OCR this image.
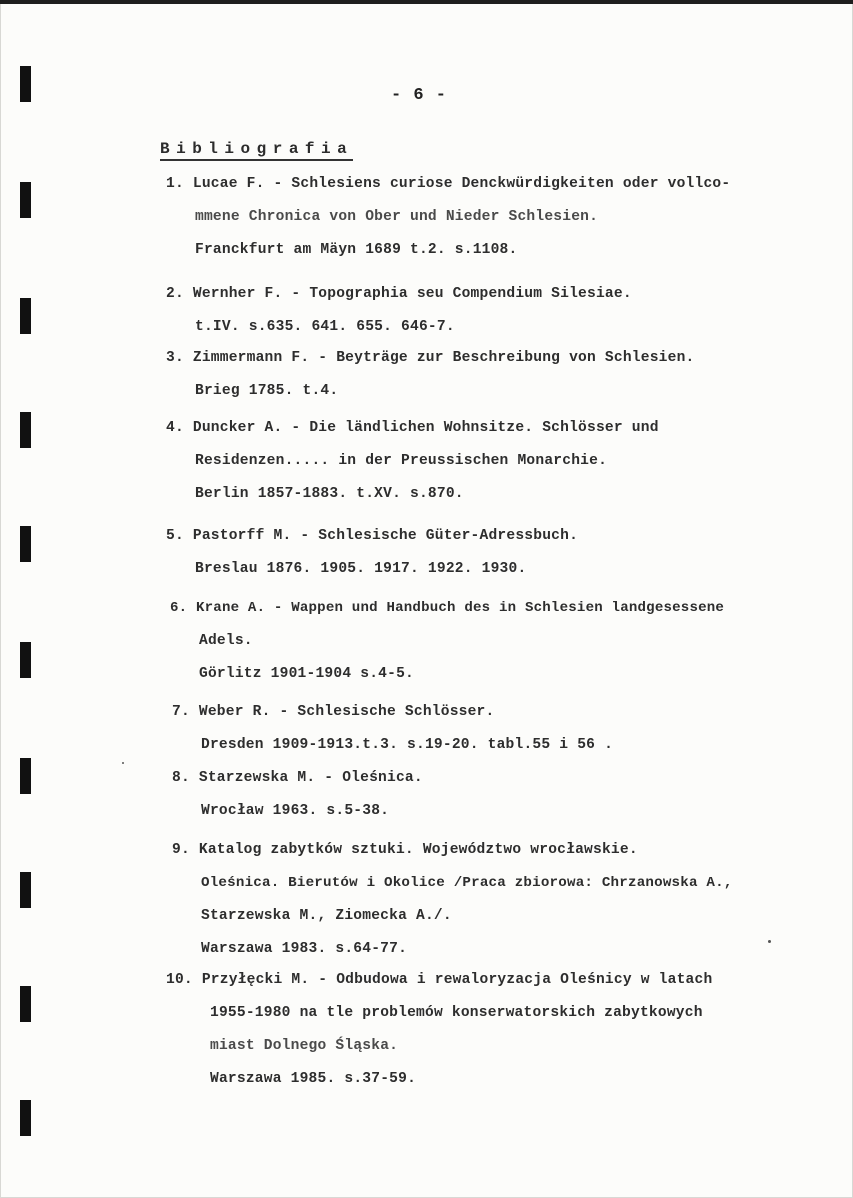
- 6 -
Bibliografia
1. Lucae F. - Schlesiens curiose Denckwürdigkeiten oder vollco-
mmene Chronica von Ober und Nieder Schlesien.
Franckfurt am Mäyn 1689 t.2. s.1108.
2. Wernher F. - Topographia seu Compendium Silesiae.
t.IV. s.635. 641. 655. 646-7.
3. Zimmermann F. - Beyträge zur Beschreibung von Schlesien.
Brieg 1785. t.4.
4. Duncker A. - Die ländlichen Wohnsitze. Schlösser und
Residenzen..... in der Preussischen Monarchie.
Berlin 1857-1883. t.XV. s.870.
5. Pastorff M. - Schlesische Güter-Adressbuch.
Breslau 1876. 1905. 1917. 1922. 1930.
6. Krane A. - Wappen und Handbuch des in Schlesien landgesessene
Adels.
Görlitz 1901-1904 s.4-5.
7. Weber R. - Schlesische Schlösser.
Dresden 1909-1913.t.3. s.19-20. tabl.55 i 56 .
8. Starzewska M. - Oleśnica.
Wrocław 1963. s.5-38.
9. Katalog zabytków sztuki. Województwo wrocławskie.
Oleśnica. Bierutów i Okolice /Praca zbiorowa: Chrzanowska A.,
Starzewska M., Ziomecka A./.
Warszawa 1983. s.64-77.
10. Przyłęcki M. - Odbudowa i rewaloryzacja Oleśnicy w latach
1955-1980 na tle problemów konserwatorskich zabytkowych
miast Dolnego Śląska.
Warszawa 1985. s.37-59.
